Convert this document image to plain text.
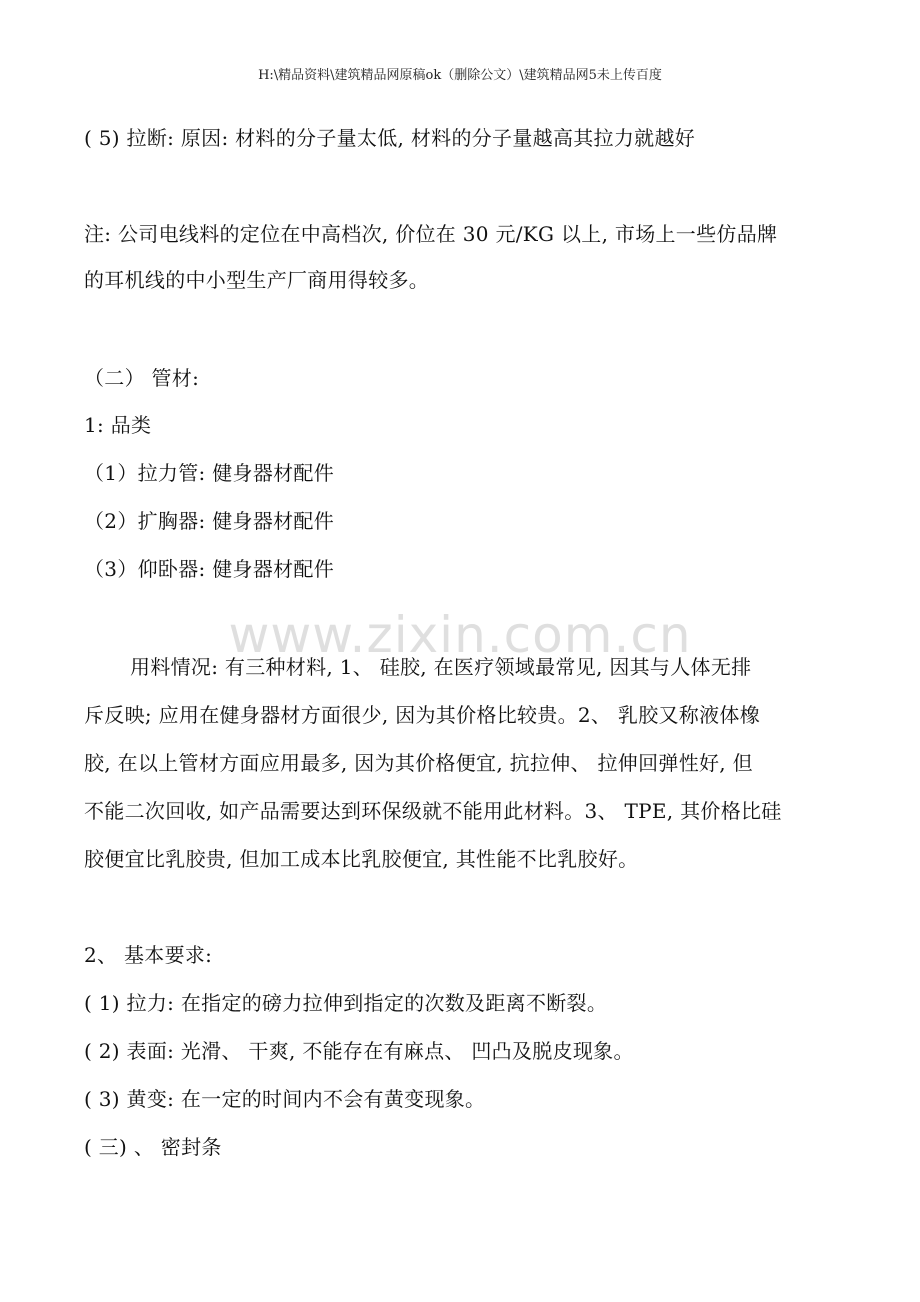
H:\精品资料\建筑精品网原稿ok（删除公文）\建筑精品网5未上传百度
( 5) 拉断: 原因: 材料的分子量太低, 材料的分子量越高其拉力就越好
注: 公司电线料的定位在中高档次, 价位在 30 元/KG 以上, 市场上一些仿品牌
的耳机线的中小型生产厂商用得较多。
（二） 管材:
1: 品类
（1）拉力管: 健身器材配件
（2）扩胸器: 健身器材配件
（3）仰卧器: 健身器材配件
www.zixin.com.cn
用料情况: 有三种材料, 1、 硅胶, 在医疗领域最常见, 因其与人体无排
斥反映; 应用在健身器材方面很少, 因为其价格比较贵。2、 乳胶又称液体橡
胶, 在以上管材方面应用最多, 因为其价格便宜, 抗拉伸、 拉伸回弹性好, 但
不能二次回收, 如产品需要达到环保级就不能用此材料。3、 TPE, 其价格比硅
胶便宜比乳胶贵, 但加工成本比乳胶便宜, 其性能不比乳胶好。
2、 基本要求:
( 1) 拉力: 在指定的磅力拉伸到指定的次数及距离不断裂。
( 2) 表面: 光滑、 干爽, 不能存在有麻点、 凹凸及脱皮现象。
( 3) 黄变: 在一定的时间内不会有黄变现象。
( 三) 、 密封条
